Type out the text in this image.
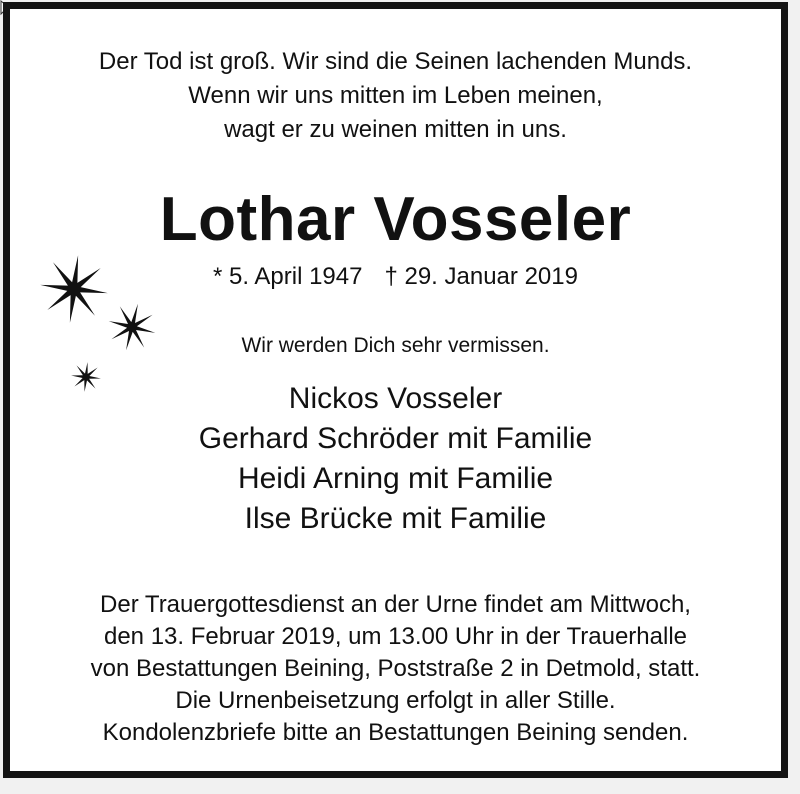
Der Tod ist groß. Wir sind die Seinen lachenden Munds.
Wenn wir uns mitten im Leben meinen,
wagt er zu weinen mitten in uns.
Lothar Vosseler
* 5. April 1947 † 29. Januar 2019
Wir werden Dich sehr vermissen.
Nickos Vosseler
Gerhard Schröder mit Familie
Heidi Arning mit Familie
Ilse Brücke mit Familie
Der Trauergottesdienst an der Urne findet am Mittwoch,
den 13. Februar 2019, um 13.00 Uhr in der Trauerhalle
von Bestattungen Beining, Poststraße 2 in Detmold, statt.
Die Urnenbeisetzung erfolgt in aller Stille.
Kondolenzbriefe bitte an Bestattungen Beining senden.
